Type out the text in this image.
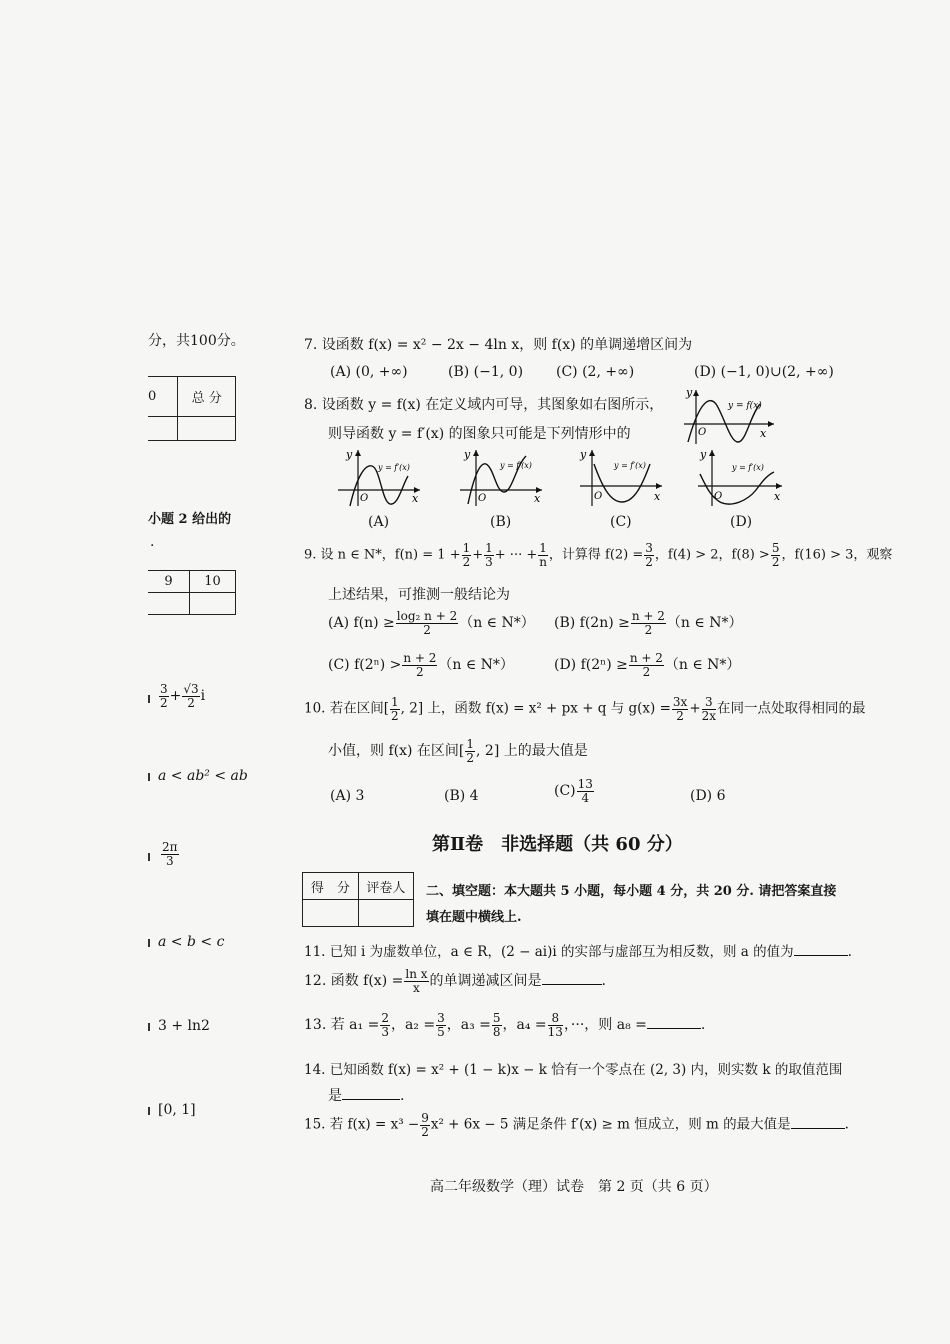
分，共100分。
0	总 分

小题 2 给出的
·
9	10

$\frac{3}{2} + \frac{√3}{2}$ i
a < ab² < ab
$\frac{2\pi}{3}$
a < b < c
3 + ln2
[0, 1]
7. 设函数 f(x) = x² − 2x − 4ln x，则 f(x) 的单调递增区间为
(A) (0, +∞)	(B) (−1, 0) (C) (2, +∞)	(D) (−1, 0)∪(2, +∞)
8. 设函数 y = f(x) 在定义域内可导，其图象如右图所示，
则导函数 y = f′(x) 的图象只可能是下列情形中的
y
x
O
y = f(x)
y
x
O
y = f′(x)
(A)
y
x
O
y = f′(x)
(B)
y
x
O
y = f′(x)
(C)
y
x
O
y = f′(x)
(D)
9. 设 n ∈ N*，$f(n) = 1 + \frac{1}{2} + \frac{1}{3}$ + ··· + $\frac{1}{n}$ ，计算得 $f(2) = \frac{3}{2}$ ，f(4) > 2，$f(8) > \frac{5}{2}$ ，f(16) > 3，观察
上述结果，可推测一般结论为
(A) $f(n) \ge \frac{\text{log₂ n + 2}}{2} (n$ ∈ N*） (B) $f(2n) \ge \frac{n + 2}{2} (n$ ∈ N*）
(C) $f(2^n) > \frac{n + 2}{2} (n$ ∈ N*）	(D) $f(2^n) \ge \frac{n + 2}{2} (n$ ∈ N*）
10. 若在区间[ $\frac{1}{2}$ , 2] 上，函数 f(x) = x² + px + q 与 $g(x) = \frac{3x}{2} + \frac{3}{2x}$ 在同一点处取得相同的最
小值，则 f(x) 在区间[ $\frac{1}{2}$ , 2] 上的最大值是
(A) 3	(B) 4	$(C) \frac{13}{4}$	(D) 6
第Ⅱ卷　非选择题（共 60 分）
得　分	评卷人
	二、填空题：本大题共 5 小题，每小题 4 分，共 20 分. 请把答案直接
填在题中横线上.
11. 已知 i 为虚数单位，a ∈ R，(2 − ai)i 的实部与虚部互为相反数，则 a 的值为	.
12. 函数 $f(x) = \frac{\text{ln x}}{x}$ 的单调递减区间是	.
13. 若 $a_1 = \frac{2}{3}$ ，$a_2 = \frac{3}{5}$ ，$a_3 = \frac{5}{8}$ ，$a_4 = \frac{8}{13}$ ，···，则 a₈ =	.
14. 已知函数 f(x) = x² + (1 − k)x − k 恰有一个零点在 (2, 3) 内，则实数 k 的取值范围
是	.
15. 若 $f(x) = x^3 - \frac{9}{2} x^2 + 6x - 5$ 满足条件 f′(x) ≥ m 恒成立，则 m 的最大值是	.
高二年级数学（理）试卷　第 2 页（共 6 页）
